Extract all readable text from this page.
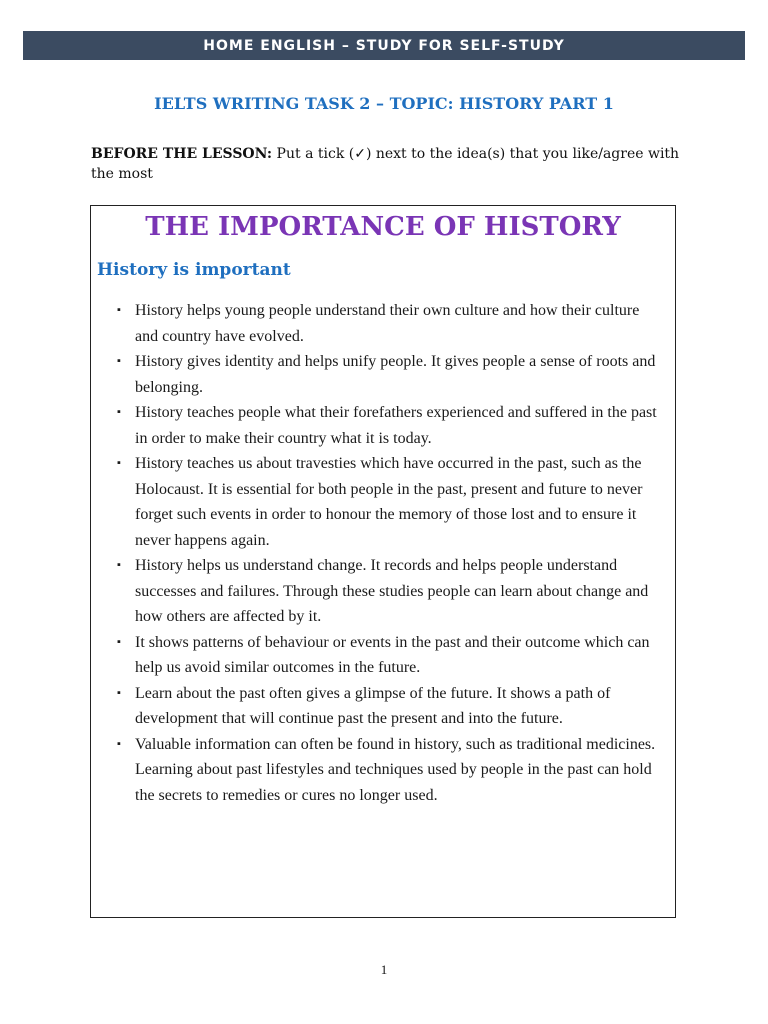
HOME ENGLISH – STUDY FOR SELF-STUDY
IELTS WRITING TASK 2 – TOPIC: HISTORY PART 1

BEFORE THE LESSON: Put a tick (✓) next to the idea(s) that you like/agree with the most

THE IMPORTANCE OF HISTORY
History is important
▪ History helps young people understand their own culture and how their culture and country have evolved.
▪ History gives identity and helps unify people. It gives people a sense of roots and belonging.
▪ History teaches people what their forefathers experienced and suffered in the past in order to make their country what it is today.
▪ History teaches us about travesties which have occurred in the past, such as the Holocaust. It is essential for both people in the past, present and future to never forget such events in order to honour the memory of those lost and to ensure it never happens again.
▪ History helps us understand change. It records and helps people understand successes and failures. Through these studies people can learn about change and how others are affected by it.
▪ It shows patterns of behaviour or events in the past and their outcome which can help us avoid similar outcomes in the future.
▪ Learn about the past often gives a glimpse of the future. It shows a path of development that will continue past the present and into the future.
▪ Valuable information can often be found in history, such as traditional medicines. Learning about past lifestyles and techniques used by people in the past can hold the secrets to remedies or cures no longer used.

1
